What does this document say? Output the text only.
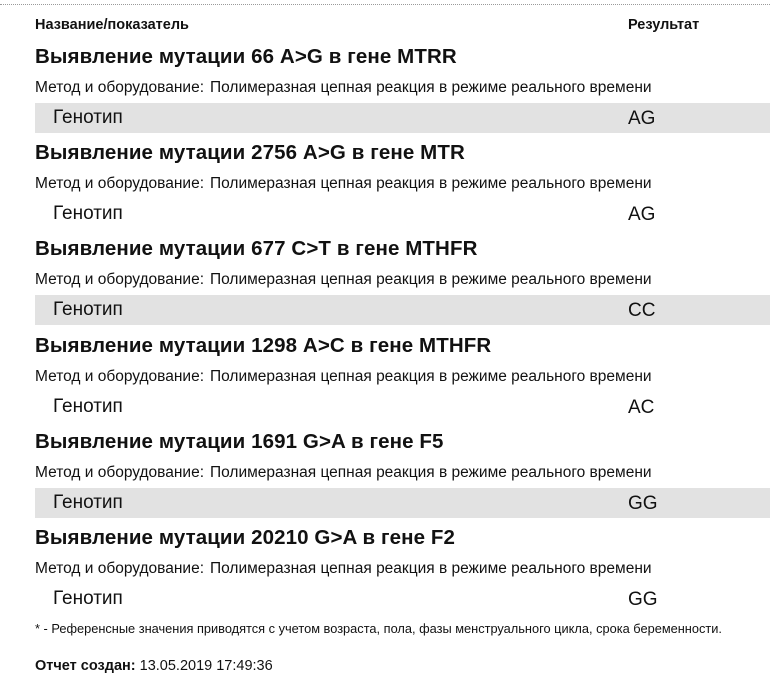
Название/показатель	Результат
Выявление мутации 66 A>G в гене MTRR
Метод и оборудование: Полимеразная цепная реакция в режиме реального времени
Генотип	AG
Выявление мутации 2756 A>G в гене MTR
Метод и оборудование: Полимеразная цепная реакция в режиме реального времени
Генотип	AG
Выявление мутации 677 C>T в гене MTHFR
Метод и оборудование: Полимеразная цепная реакция в режиме реального времени
Генотип	CC
Выявление мутации 1298 A>C в гене MTHFR
Метод и оборудование: Полимеразная цепная реакция в режиме реального времени
Генотип	AC
Выявление мутации 1691 G>A в гене F5
Метод и оборудование: Полимеразная цепная реакция в режиме реального времени
Генотип	GG
Выявление мутации 20210 G>A в гене F2
Метод и оборудование: Полимеразная цепная реакция в режиме реального времени
Генотип	GG
* - Референсные значения приводятся с учетом возраста, пола, фазы менструального цикла, срока беременности.
Отчет создан: 13.05.2019 17:49:36
